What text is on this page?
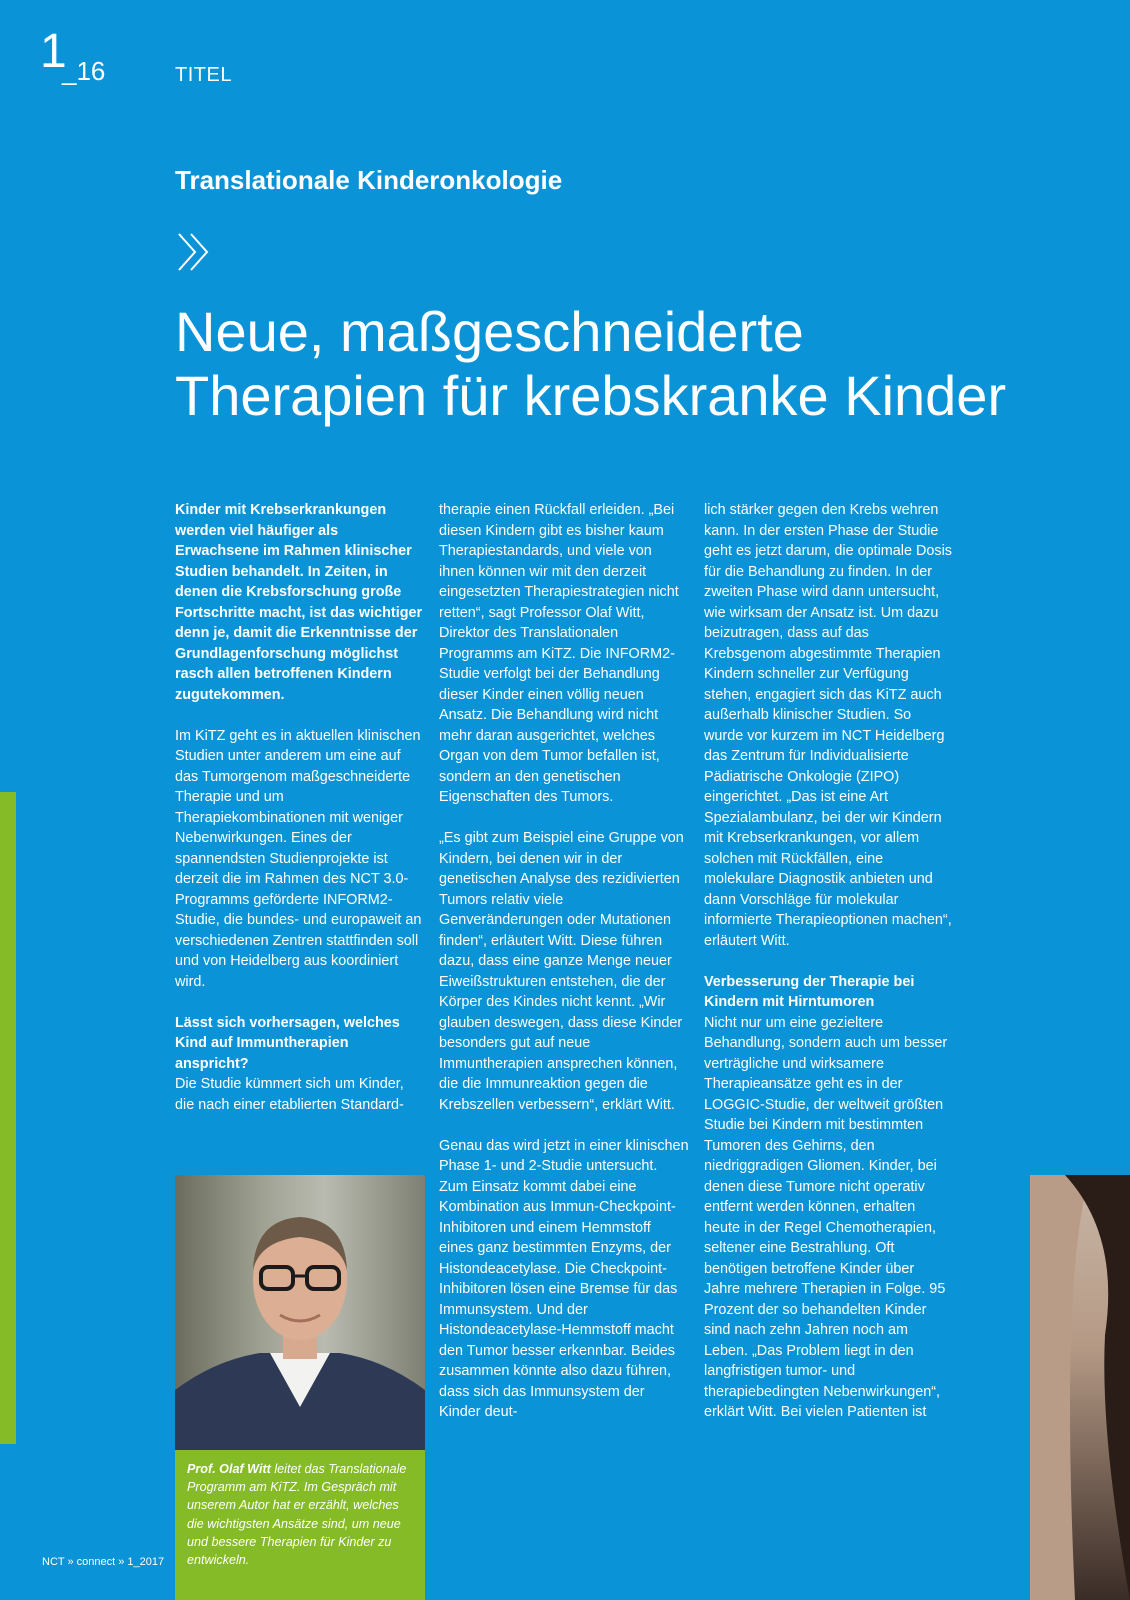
1
_16	TITEL
Translationale Kinderonkologie
Neue, maßgeschneiderte
Therapien für krebskranke Kinder

Kinder mit Krebserkrankungen werden viel häufiger als Erwachsene im Rahmen klinischer Studien behandelt. In Zeiten, in denen die Krebsforschung große Fortschritte macht, ist das wichtiger denn je, damit die Erkenntnisse der Grundlagenforschung möglichst rasch allen betroffenen Kindern zugutekommen.

Im KiTZ geht es in aktuellen klinischen Studien unter anderem um eine auf das Tumorgenom maßgeschneiderte Therapie und um Therapiekombinationen mit weniger Nebenwirkungen. Eines der spannendsten Studienprojekte ist derzeit die im Rahmen des NCT 3.0-Programms geförderte INFORM2-Studie, die bundes- und europaweit an verschiedenen Zentren stattfinden soll und von Heidelberg aus koordiniert wird.

Lässt sich vorhersagen, welches Kind auf Immuntherapien anspricht?

Die Studie kümmert sich um Kinder, die nach einer etablierten Standard-

therapie einen Rückfall erleiden. „Bei diesen Kindern gibt es bisher kaum Therapiestandards, und viele von ihnen können wir mit den derzeit eingesetzten Therapiestrategien nicht retten“, sagt Professor Olaf Witt, Direktor des Translationalen Programms am KiTZ. Die INFORM2-Studie verfolgt bei der Behandlung dieser Kinder einen völlig neuen Ansatz. Die Behandlung wird nicht mehr daran ausgerichtet, welches Organ von dem Tumor befallen ist, sondern an den genetischen Eigenschaften des Tumors.

„Es gibt zum Beispiel eine Gruppe von Kindern, bei denen wir in der genetischen Analyse des rezidivierten Tumors relativ viele Genveränderungen oder Mutationen finden“, erläutert Witt. Diese führen dazu, dass eine ganze Menge neuer Eiweißstrukturen entstehen, die der Körper des Kindes nicht kennt. „Wir glauben deswegen, dass diese Kinder besonders gut auf neue Immuntherapien ansprechen können, die die Immunreaktion gegen die Krebszellen verbessern“, erklärt Witt.

Genau das wird jetzt in einer klinischen Phase 1- und 2-Studie untersucht. Zum Einsatz kommt dabei eine Kombination aus Immun-Checkpoint-Inhibitoren und einem Hemmstoff eines ganz bestimmten Enzyms, der Histondeacetylase. Die Checkpoint-Inhibitoren lösen eine Bremse für das Immunsystem. Und der Histondeacetylase-Hemmstoff macht den Tumor besser erkennbar. Beides zusammen könnte also dazu führen, dass sich das Immunsystem der Kinder deut-

lich stärker gegen den Krebs wehren kann. In der ersten Phase der Studie geht es jetzt darum, die optimale Dosis für die Behandlung zu finden. In der zweiten Phase wird dann untersucht, wie wirksam der Ansatz ist. Um dazu beizutragen, dass auf das Krebsgenom abgestimmte Therapien Kindern schneller zur Verfügung stehen, engagiert sich das KiTZ auch außerhalb klinischer Studien. So wurde vor kurzem im NCT Heidelberg das Zentrum für Individualisierte Pädiatrische Onkologie (ZIPO) eingerichtet. „Das ist eine Art Spezialambulanz, bei der wir Kindern mit Krebserkrankungen, vor allem solchen mit Rückfällen, eine molekulare Diagnostik anbieten und dann Vorschläge für molekular informierte Therapieoptionen machen“, erläutert Witt.

Verbesserung der Therapie bei Kindern mit Hirntumoren

Nicht nur um eine gezieltere Behandlung, sondern auch um besser verträgliche und wirksamere Therapieansätze geht es in der LOGGIC-Studie, der weltweit größten Studie bei Kindern mit bestimmten Tumoren des Gehirns, den niedriggradigen Gliomen. Kinder, bei denen diese Tumore nicht operativ entfernt werden können, erhalten heute in der Regel Chemotherapien, seltener eine Bestrahlung. Oft benötigen betroffene Kinder über Jahre mehrere Therapien in Folge. 95 Prozent der so behandelten Kinder sind nach zehn Jahren noch am Leben. „Das Problem liegt in den langfristigen tumor- und therapiebedingten Nebenwirkungen“, erklärt Witt. Bei vielen Patienten ist

Prof. Olaf Witt leitet das Translationale Programm am KiTZ. Im Gespräch mit unserem Autor hat er erzählt, welches die wichtigsten Ansätze sind, um neue und bessere Therapien für Kinder zu entwickeln.
NCT » connect » 1_2017
